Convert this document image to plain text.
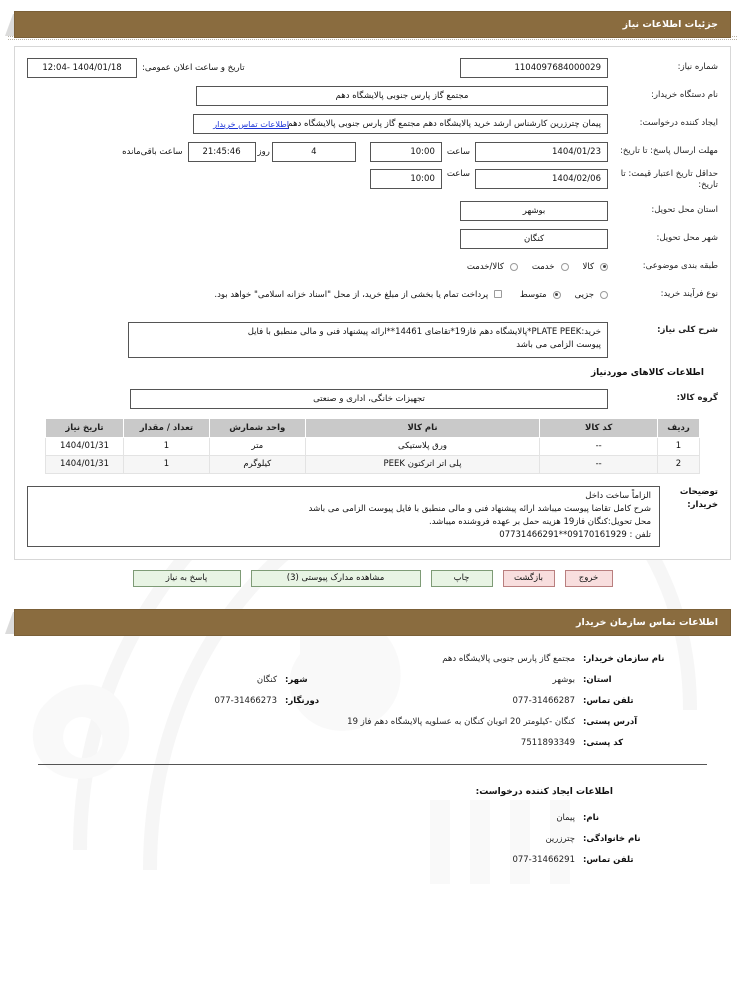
جزئیات اطلاعات نیاز
شماره نیاز:
1104097684000029
تاریخ و ساعت اعلان عمومی:
1404/01/18 -12:04
نام دستگاه خریدار:
مجتمع گاز پارس جنوبی پالایشگاه دهم
ایجاد کننده درخواست:
پیمان چترزرین کارشناس ارشد خرید پالایشگاه دهم مجتمع گاز پارس جنوبی پالایشگاه دهم
اطلاعات تماس خریدار
مهلت ارسال پاسخ: تا تاریخ:
1404/01/23
ساعت
10:00
4
روز
21:45:46
ساعت باقی‌مانده
حداقل تاریخ اعتبار قیمت: تا تاریخ:
1404/02/06
ساعت
10:00
استان محل تحویل:
بوشهر
شهر محل تحویل:
کنگان
طبقه بندی موضوعی:
کالا
خدمت
کالا/خدمت
نوع فرآیند خرید:
جزیی
متوسط
پرداخت تمام یا بخشی از مبلغ خرید، از محل "اسناد خزانه اسلامی" خواهد بود.
شرح کلی نیاز:
خرید:PLATE PEEK*پالایشگاه دهم فاز19*تقاضای 14461**ارائه پیشنهاد فنی و مالی منطبق با فایل
پیوست الزامی می باشد
اطلاعات کالاهای موردنیاز
گروه کالا:
تجهیزات خانگی، اداری و صنعتی
ردیف	کد کالا	نام کالا	واحد شمارش	تعداد / مقدار	تاریخ نیاز
1	--	ورق پلاستیکی	متر	1	1404/01/31
2	--	پلی اتر اترکتون PEEK	کیلوگرم	1	1404/01/31
توضیحات
خریدار:
الزاماً ساخت داخل
شرح کامل تقاضا پیوست میباشد ارائه پیشنهاد فنی و مالی منطبق با فایل پیوست الزامی می باشد
محل تحویل:کنگان فاز19 هزینه حمل بر عهده فروشنده میباشد.
تلفن : 09170161929**07731466291
خروج
بازگشت
چاپ
مشاهده مدارک پیوستی (3)
پاسخ به نیاز
اطلاعات تماس سازمان خریدار
نام سازمان خریدار:
مجتمع گاز پارس جنوبی پالایشگاه دهم
استان:
بوشهر
شهر:
کنگان
تلفن تماس:
077-31466287
دورنگار:
077-31466273
آدرس پستی:
کنگان -کیلومتر 20 اتوبان کنگان به عسلویه پالایشگاه دهم فاز 19
کد پستی:
7511893349
اطلاعات ایجاد کننده درخواست:
نام:
پیمان
نام خانوادگی:
چترزرین
تلفن تماس:
077-31466291
